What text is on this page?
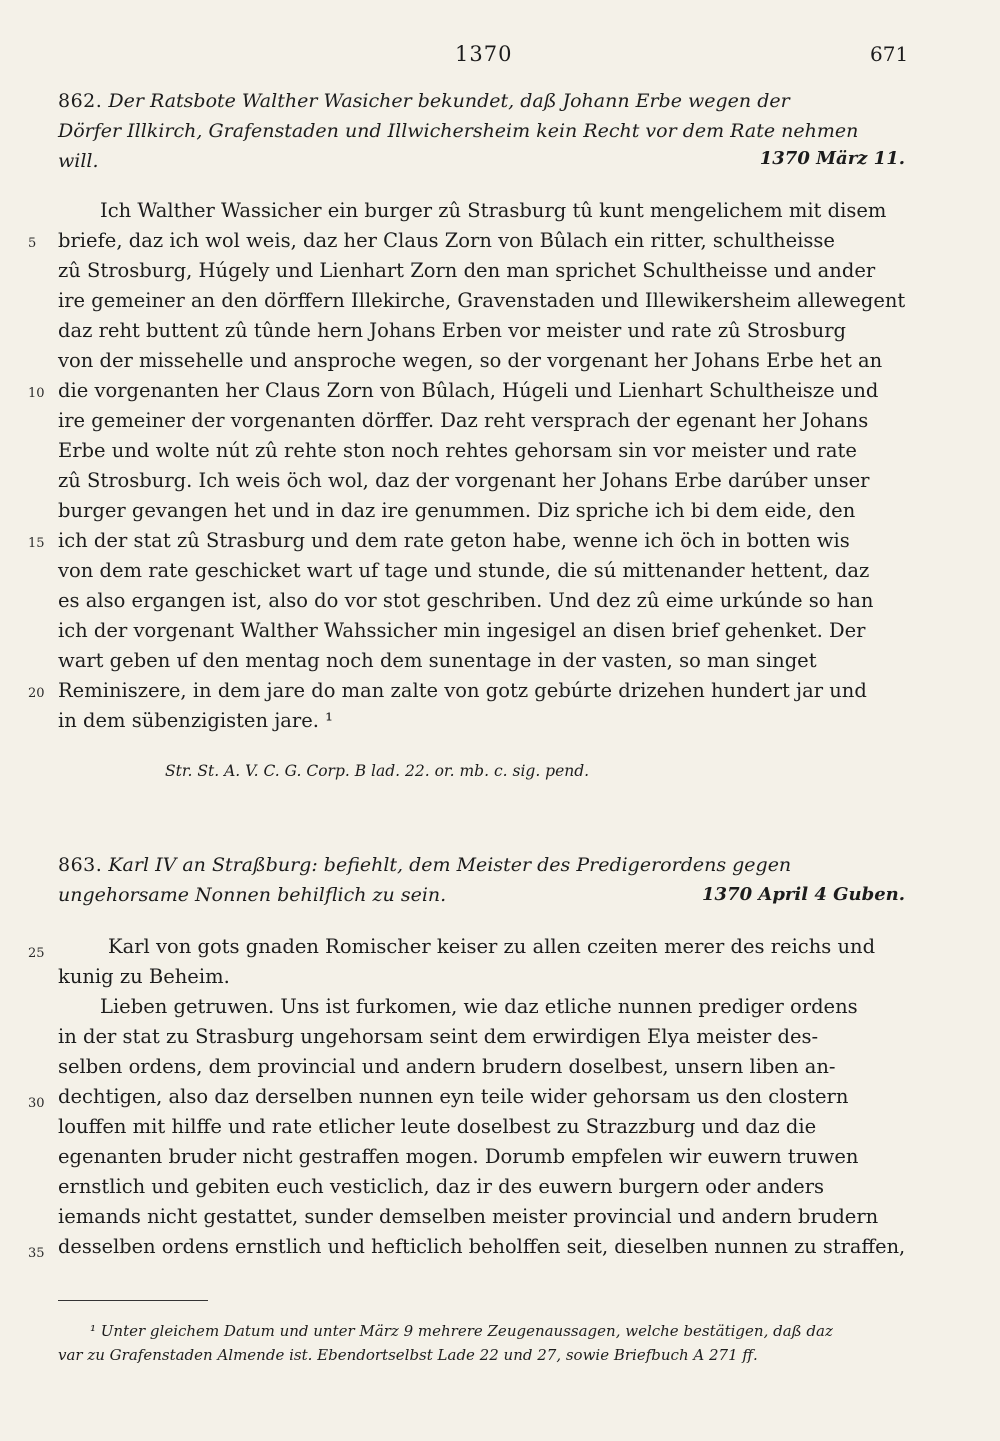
1370	671
862. Der Ratsbote Walther Wasicher bekundet, daß Johann Erbe wegen der
Dörfer Illkirch, Grafenstaden und Illwichersheim kein Recht vor dem Rate nehmen
will.	1370 März 11.
Ich Walther Wassicher ein burger zû Strasburg tû kunt mengelichem mit disem
briefe, daz ich wol weis, daz her Claus Zorn von Bûlach ein ritter, schultheisse
zû Strosburg, Húgely und Lienhart Zorn den man sprichet Schultheisse und ander
ire gemeiner an den dörffern Illekirche, Gravenstaden und Illewikersheim allewegent
daz reht buttent zû tûnde hern Johans Erben vor meister und rate zû Strosburg
von der missehelle und ansproche wegen, so der vorgenant her Johans Erbe het an
die vorgenanten her Claus Zorn von Bûlach, Húgeli und Lienhart Schultheisze und
ire gemeiner der vorgenanten dörffer. Daz reht versprach der egenant her Johans
Erbe und wolte nút zû rehte ston noch rehtes gehorsam sin vor meister und rate
zû Strosburg. Ich weis öch wol, daz der vorgenant her Johans Erbe darúber unser
burger gevangen het und in daz ire genummen. Diz spriche ich bi dem eide, den
ich der stat zû Strasburg und dem rate geton habe, wenne ich öch in botten wis
von dem rate geschicket wart uf tage und stunde, die sú mittenander hettent, daz
es also ergangen ist, also do vor stot geschriben. Und dez zû eime urkúnde so han
ich der vorgenant Walther Wahssicher min ingesigel an disen brief gehenket. Der
wart geben uf den mentag noch dem sunentage in der vasten, so man singet
Reminiszere, in dem jare do man zalte von gotz gebúrte drizehen hundert jar und
in dem sübenzigisten jare. ¹
Str. St. A. V. C. G. Corp. B lad. 22. or. mb. c. sig. pend.
863. Karl IV an Straßburg: befiehlt, dem Meister des Predigerordens gegen
ungehorsame Nonnen behilflich zu sein.	1370 April 4 Guben.
Karl von gots gnaden Romischer keiser zu allen czeiten merer des reichs und
kunig zu Beheim.
Lieben getruwen. Uns ist furkomen, wie daz etliche nunnen prediger ordens
in der stat zu Strasburg ungehorsam seint dem erwirdigen Elya meister des-
selben ordens, dem provincial und andern brudern doselbest, unsern liben an-
dechtigen, also daz derselben nunnen eyn teile wider gehorsam us den clostern
louffen mit hilffe und rate etlicher leute doselbest zu Strazzburg und daz die
egenanten bruder nicht gestraffen mogen. Dorumb empfelen wir euwern truwen
ernstlich und gebiten euch vesticlich, daz ir des euwern burgern oder anders
iemands nicht gestattet, sunder demselben meister provincial und andern brudern
desselben ordens ernstlich und hefticlich beholffen seit, dieselben nunnen zu straffen,
5
10
15
20
25
30
35
¹ Unter gleichem Datum und unter März 9 mehrere Zeugenaussagen, welche bestätigen, daß daz
var zu Grafenstaden Almende ist. Ebendortselbst Lade 22 und 27, sowie Briefbuch A 271 ff.
